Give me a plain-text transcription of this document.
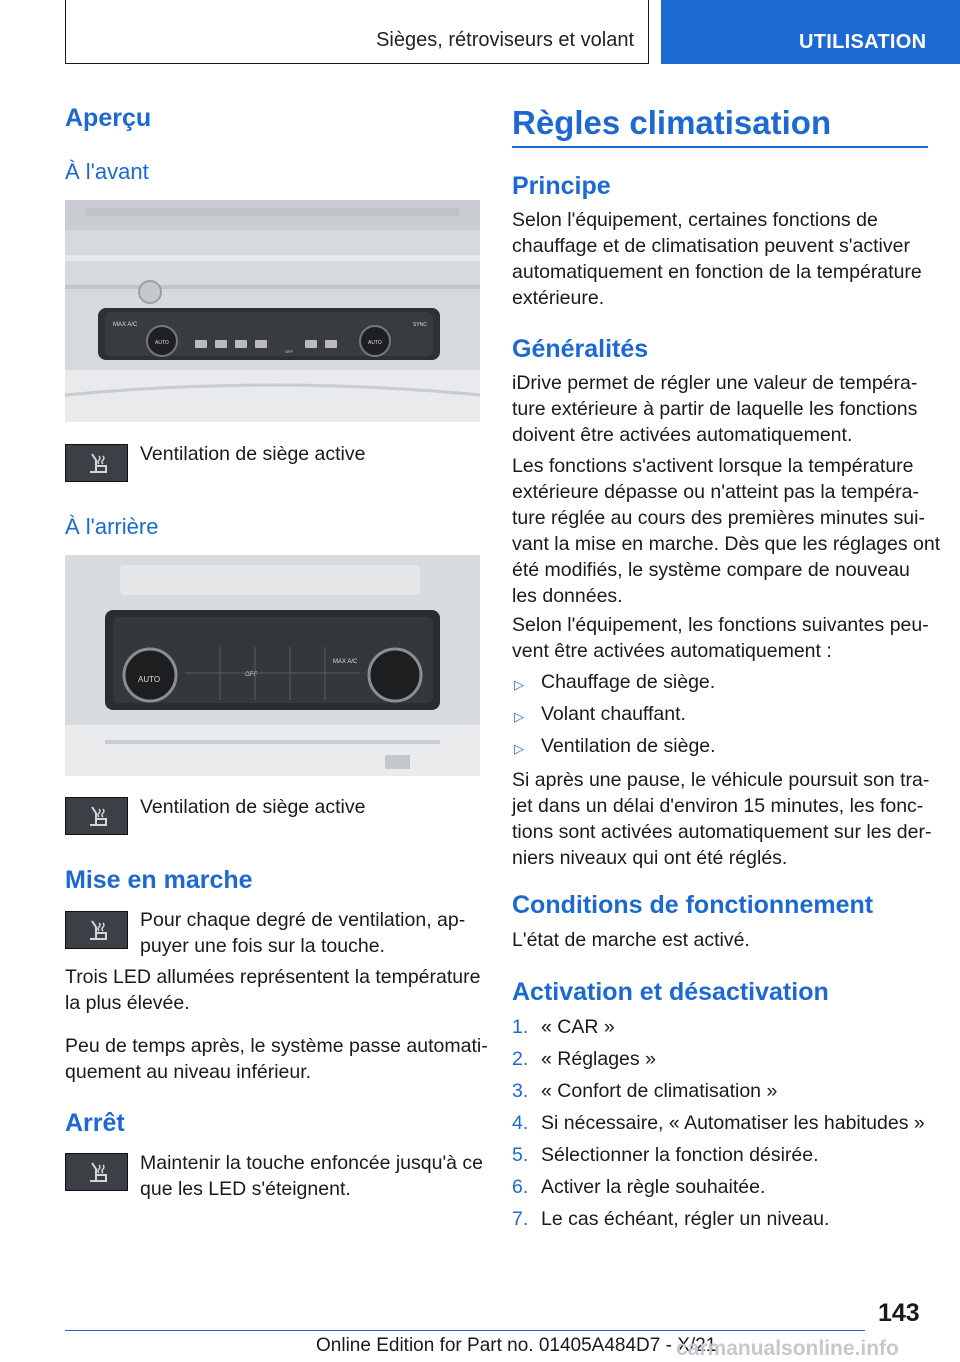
Sièges, rétroviseurs et volant	UTILISATION
Aperçu
À l'avant
MAX A/C
AUTO	AUTO
SYNC
OFF
Ventilation de siège active
À l'arrière
AUTO	OFF
MAX A/C
Ventilation de siège active
Mise en marche
Pour chaque degré de ventilation, ap-
puyer une fois sur la touche.
Trois LED allumées représentent la température
la plus élevée.
Peu de temps après, le système passe automati-
quement au niveau inférieur.
Arrêt
Maintenir la touche enfoncée jusqu'à ce
que les LED s'éteignent.
Règles climatisation
Principe
Selon l'équipement, certaines fonctions de
chauffage et de climatisation peuvent s'activer
automatiquement en fonction de la température
extérieure.
Généralités
iDrive permet de régler une valeur de tempéra-
ture extérieure à partir de laquelle les fonctions
doivent être activées automatiquement.
Les fonctions s'activent lorsque la température
extérieure dépasse ou n'atteint pas la tempéra-
ture réglée au cours des premières minutes sui-
vant la mise en marche. Dès que les réglages ont
été modifiés, le système compare de nouveau
les données.
Selon l'équipement, les fonctions suivantes peu-
vent être activées automatiquement :
▷ Chauffage de siège.
▷ Volant chauffant.
▷ Ventilation de siège.
Si après une pause, le véhicule poursuit son tra-
jet dans un délai d'environ 15 minutes, les fonc-
tions sont activées automatiquement sur les der-
niers niveaux qui ont été réglés.
Conditions de fonctionnement
L'état de marche est activé.
Activation et désactivation
1. « CAR »
2. « Réglages »
3. « Confort de climatisation »
4. Si nécessaire, « Automatiser les habitudes »
5. Sélectionner la fonction désirée.
6. Activer la règle souhaitée.
7. Le cas échéant, régler un niveau.
143
Online Edition for Part no. 01405A484D7 - X/21
carmanualsonline.info
